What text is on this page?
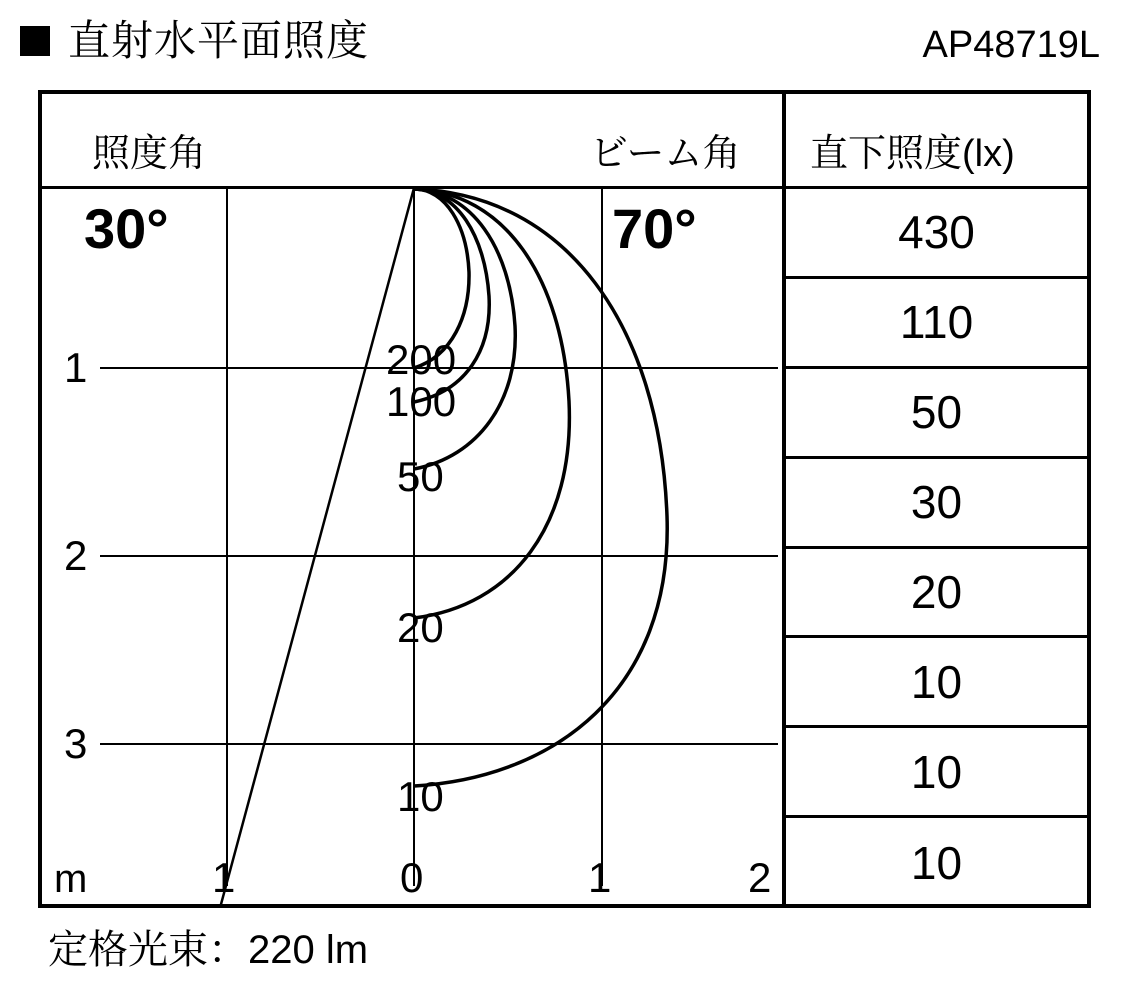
直射水平面照度	AP48719L
照度角	ビーム角 直下照度(lx)
30°	70°
200
100
50
20
10
1
2
3
m	1	0	1	2
430
110
50
30
20
10
10
10
定格光束：220 lm
